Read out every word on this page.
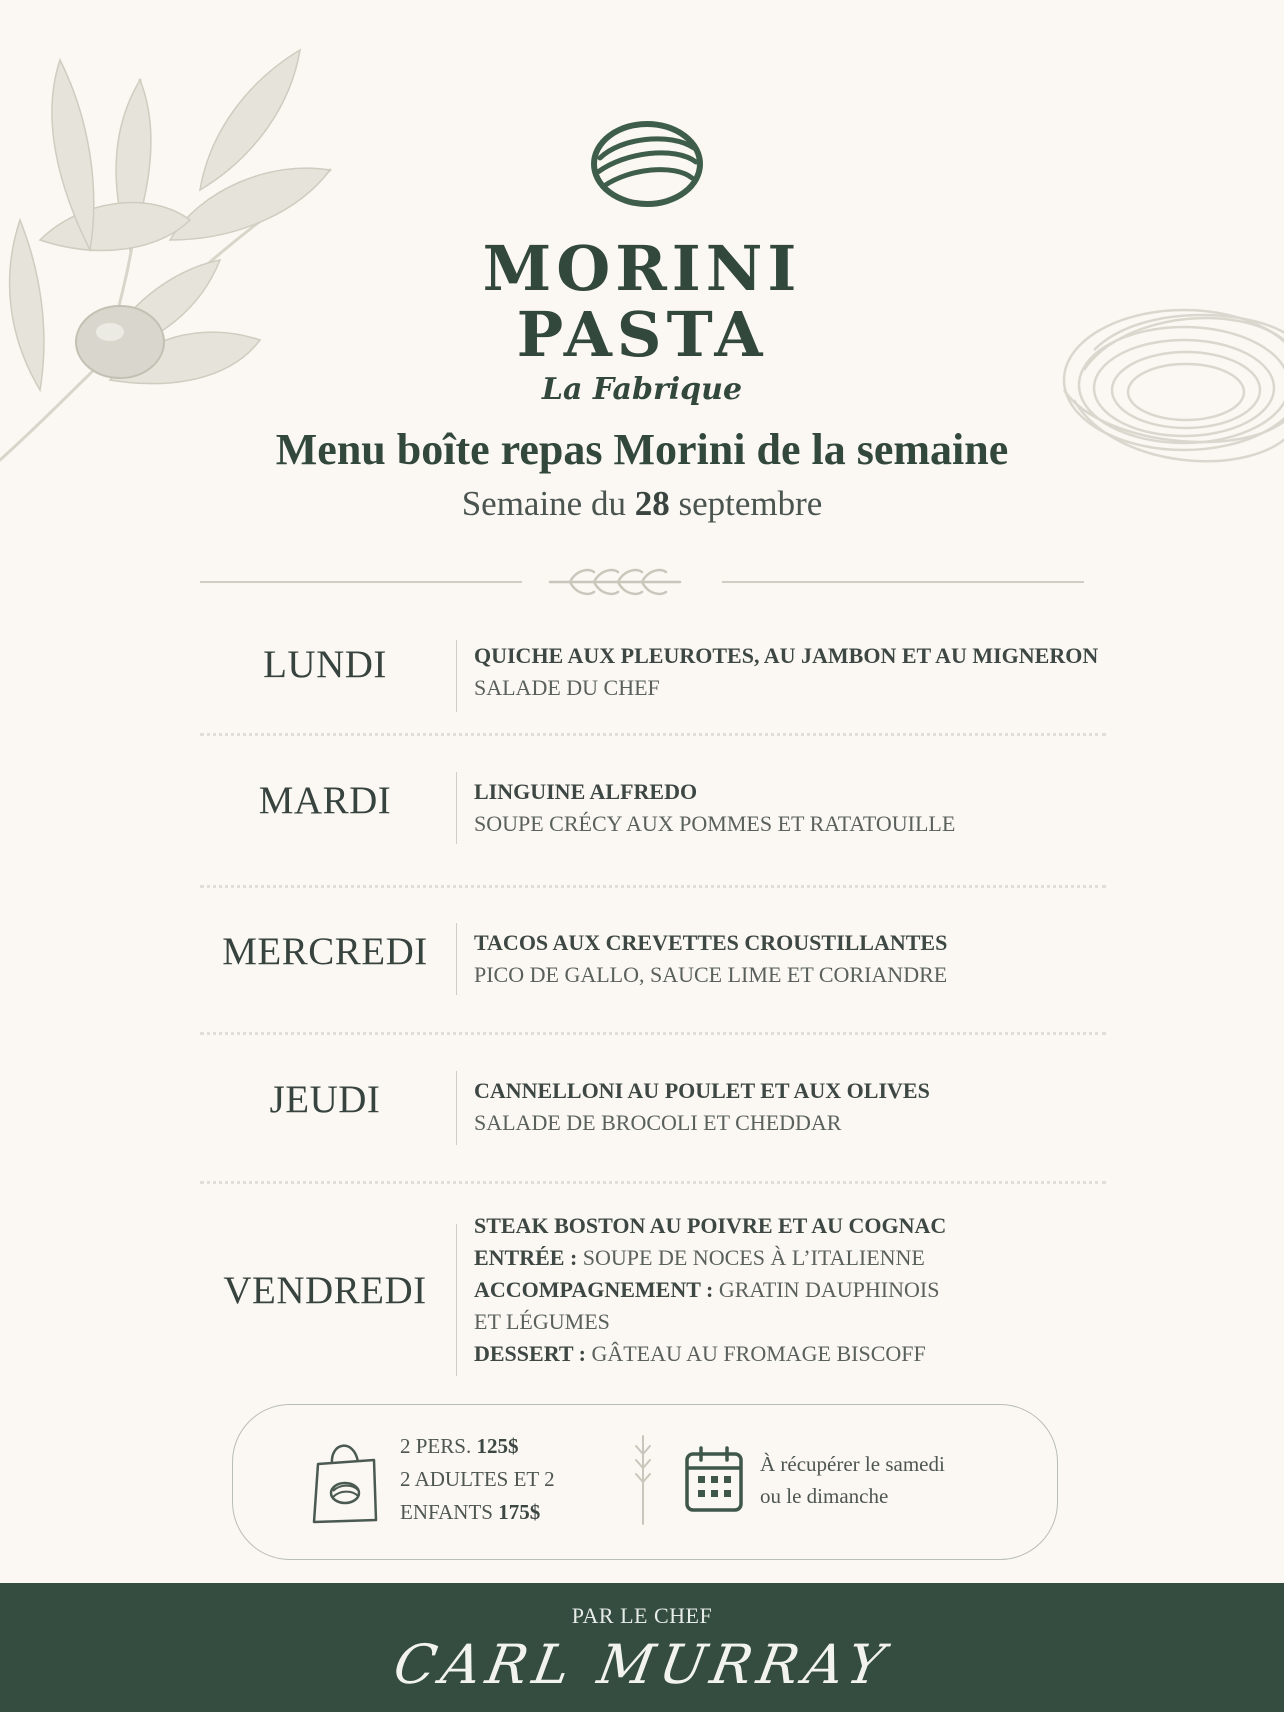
MORINI
PASTA
La Fabrique
Menu boîte repas Morini de la semaine
Semaine du 28 septembre
LUNDI	QUICHE AUX PLEUROTES, AU JAMBON ET AU MIGNERON
SALADE DU CHEF
MARDI	LINGUINE ALFREDO
SOUPE CRÉCY AUX POMMES ET RATATOUILLE
MERCREDI	TACOS AUX CREVETTES CROUSTILLANTES
PICO DE GALLO, SAUCE LIME ET CORIANDRE
JEUDI	CANNELLONI AU POULET ET AUX OLIVES
SALADE DE BROCOLI ET CHEDDAR
VENDREDI
STEAK BOSTON AU POIVRE ET AU COGNAC
ENTRÉE : SOUPE DE NOCES À L’ITALIENNE
ACCOMPAGNEMENT : GRATIN DAUPHINOIS
ET LÉGUMES
DESSERT : GÂTEAU AU FROMAGE BISCOFF
2 PERS. 125$
2 ADULTES ET 2
ENFANTS 175$
À récupérer le samedi
ou le dimanche
PAR LE CHEF
CARL MURRAY
